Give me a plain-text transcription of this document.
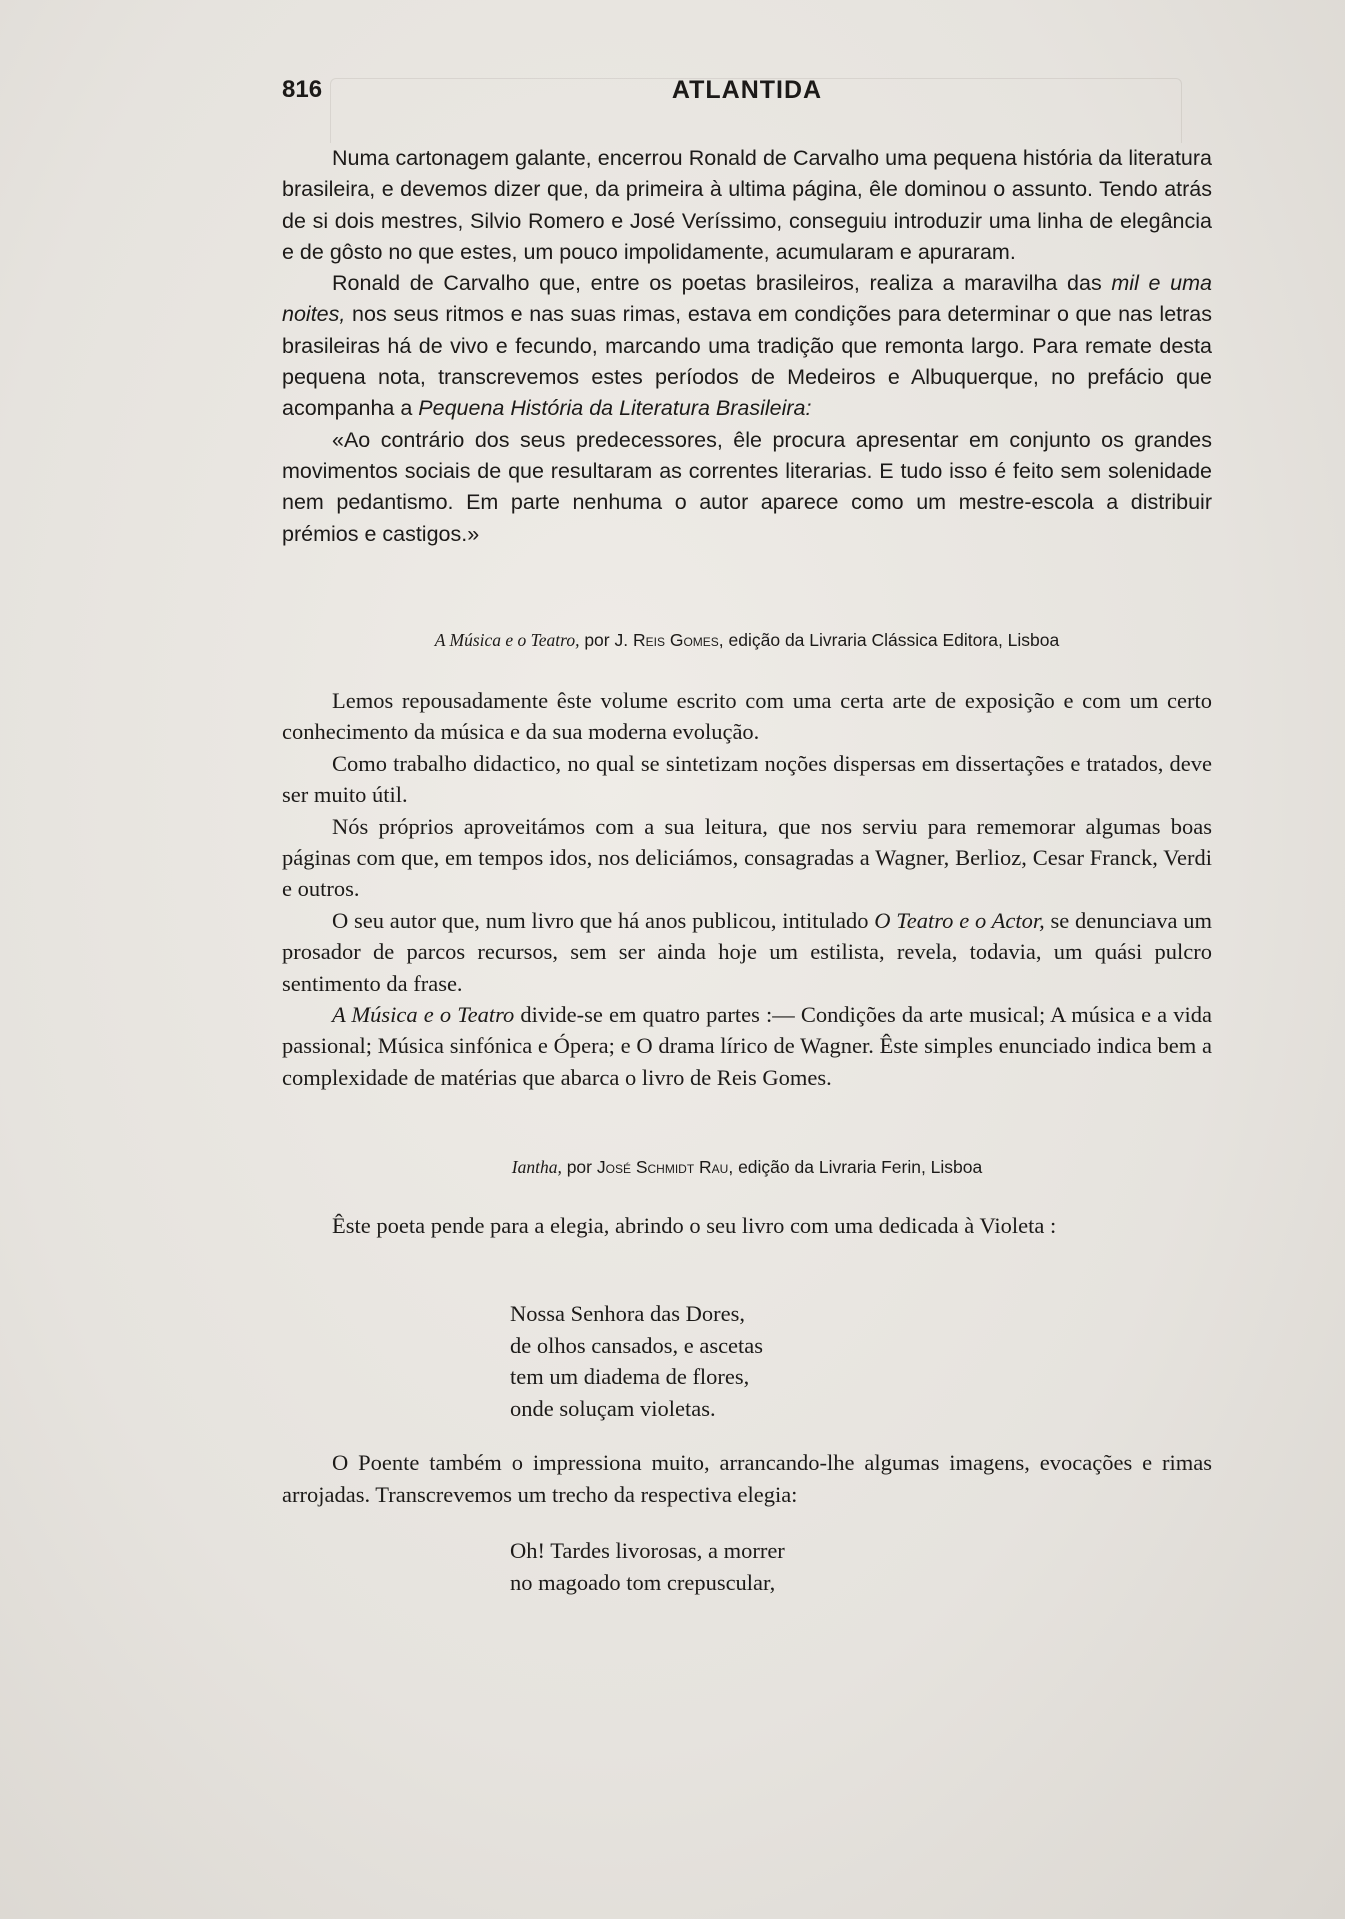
816	ATLANTIDA

Numa cartonagem galante, encerrou Ronald de Carvalho uma pequena história da literatura brasileira, e devemos dizer que, da primeira à ultima página, êle dominou o assunto. Tendo atrás de si dois mestres, Silvio Romero e José Veríssimo, conseguiu introduzir uma linha de elegância e de gôsto no que estes, um pouco impolidamente, acumularam e apuraram.

Ronald de Carvalho que, entre os poetas brasileiros, realiza a maravilha das mil e uma noites, nos seus ritmos e nas suas rimas, estava em condições para determinar o que nas letras brasileiras há de vivo e fecundo, marcando uma tradição que remonta largo. Para remate desta pequena nota, transcrevemos estes períodos de Medeiros e Albuquerque, no prefácio que acompanha a Pequena História da Literatura Brasileira:

«Ao contrário dos seus predecessores, êle procura apresentar em conjunto os grandes movimentos sociais de que resultaram as correntes literarias. E tudo isso é feito sem solenidade nem pedantismo. Em parte nenhuma o autor aparece como um mestre-escola a distribuir prémios e castigos.»

A Música e o Teatro, por J. Reis Gomes, edição da Livraria Clássica Editora, Lisboa

Lemos repousadamente êste volume escrito com uma certa arte de exposição e com um certo conhecimento da música e da sua moderna evolução.

Como trabalho didactico, no qual se sintetizam noções dispersas em dissertações e tratados, deve ser muito útil.

Nós próprios aproveitámos com a sua leitura, que nos serviu para rememorar algumas boas páginas com que, em tempos idos, nos deliciámos, consagradas a Wagner, Berlioz, Cesar Franck, Verdi e outros.

O seu autor que, num livro que há anos publicou, intitulado O Teatro e o Actor, se denunciava um prosador de parcos recursos, sem ser ainda hoje um estilista, revela, todavia, um quási pulcro sentimento da frase.

A Música e o Teatro divide-se em quatro partes :— Condições da arte musical; A música e a vida passional; Música sinfónica e Ópera; e O drama lírico de Wagner. Êste simples enunciado indica bem a complexidade de matérias que abarca o livro de Reis Gomes.

Iantha, por José Schmidt Rau, edição da Livraria Ferin, Lisboa

Êste poeta pende para a elegia, abrindo o seu livro com uma dedicada à Violeta :

Nossa Senhora das Dores,
de olhos cansados, e ascetas
tem um diadema de flores,
onde soluçam violetas.

O Poente também o impressiona muito, arrancando-lhe algumas imagens, evocações e rimas arrojadas. Transcrevemos um trecho da respectiva elegia:

Oh! Tardes livorosas, a morrer
no magoado tom crepuscular,
